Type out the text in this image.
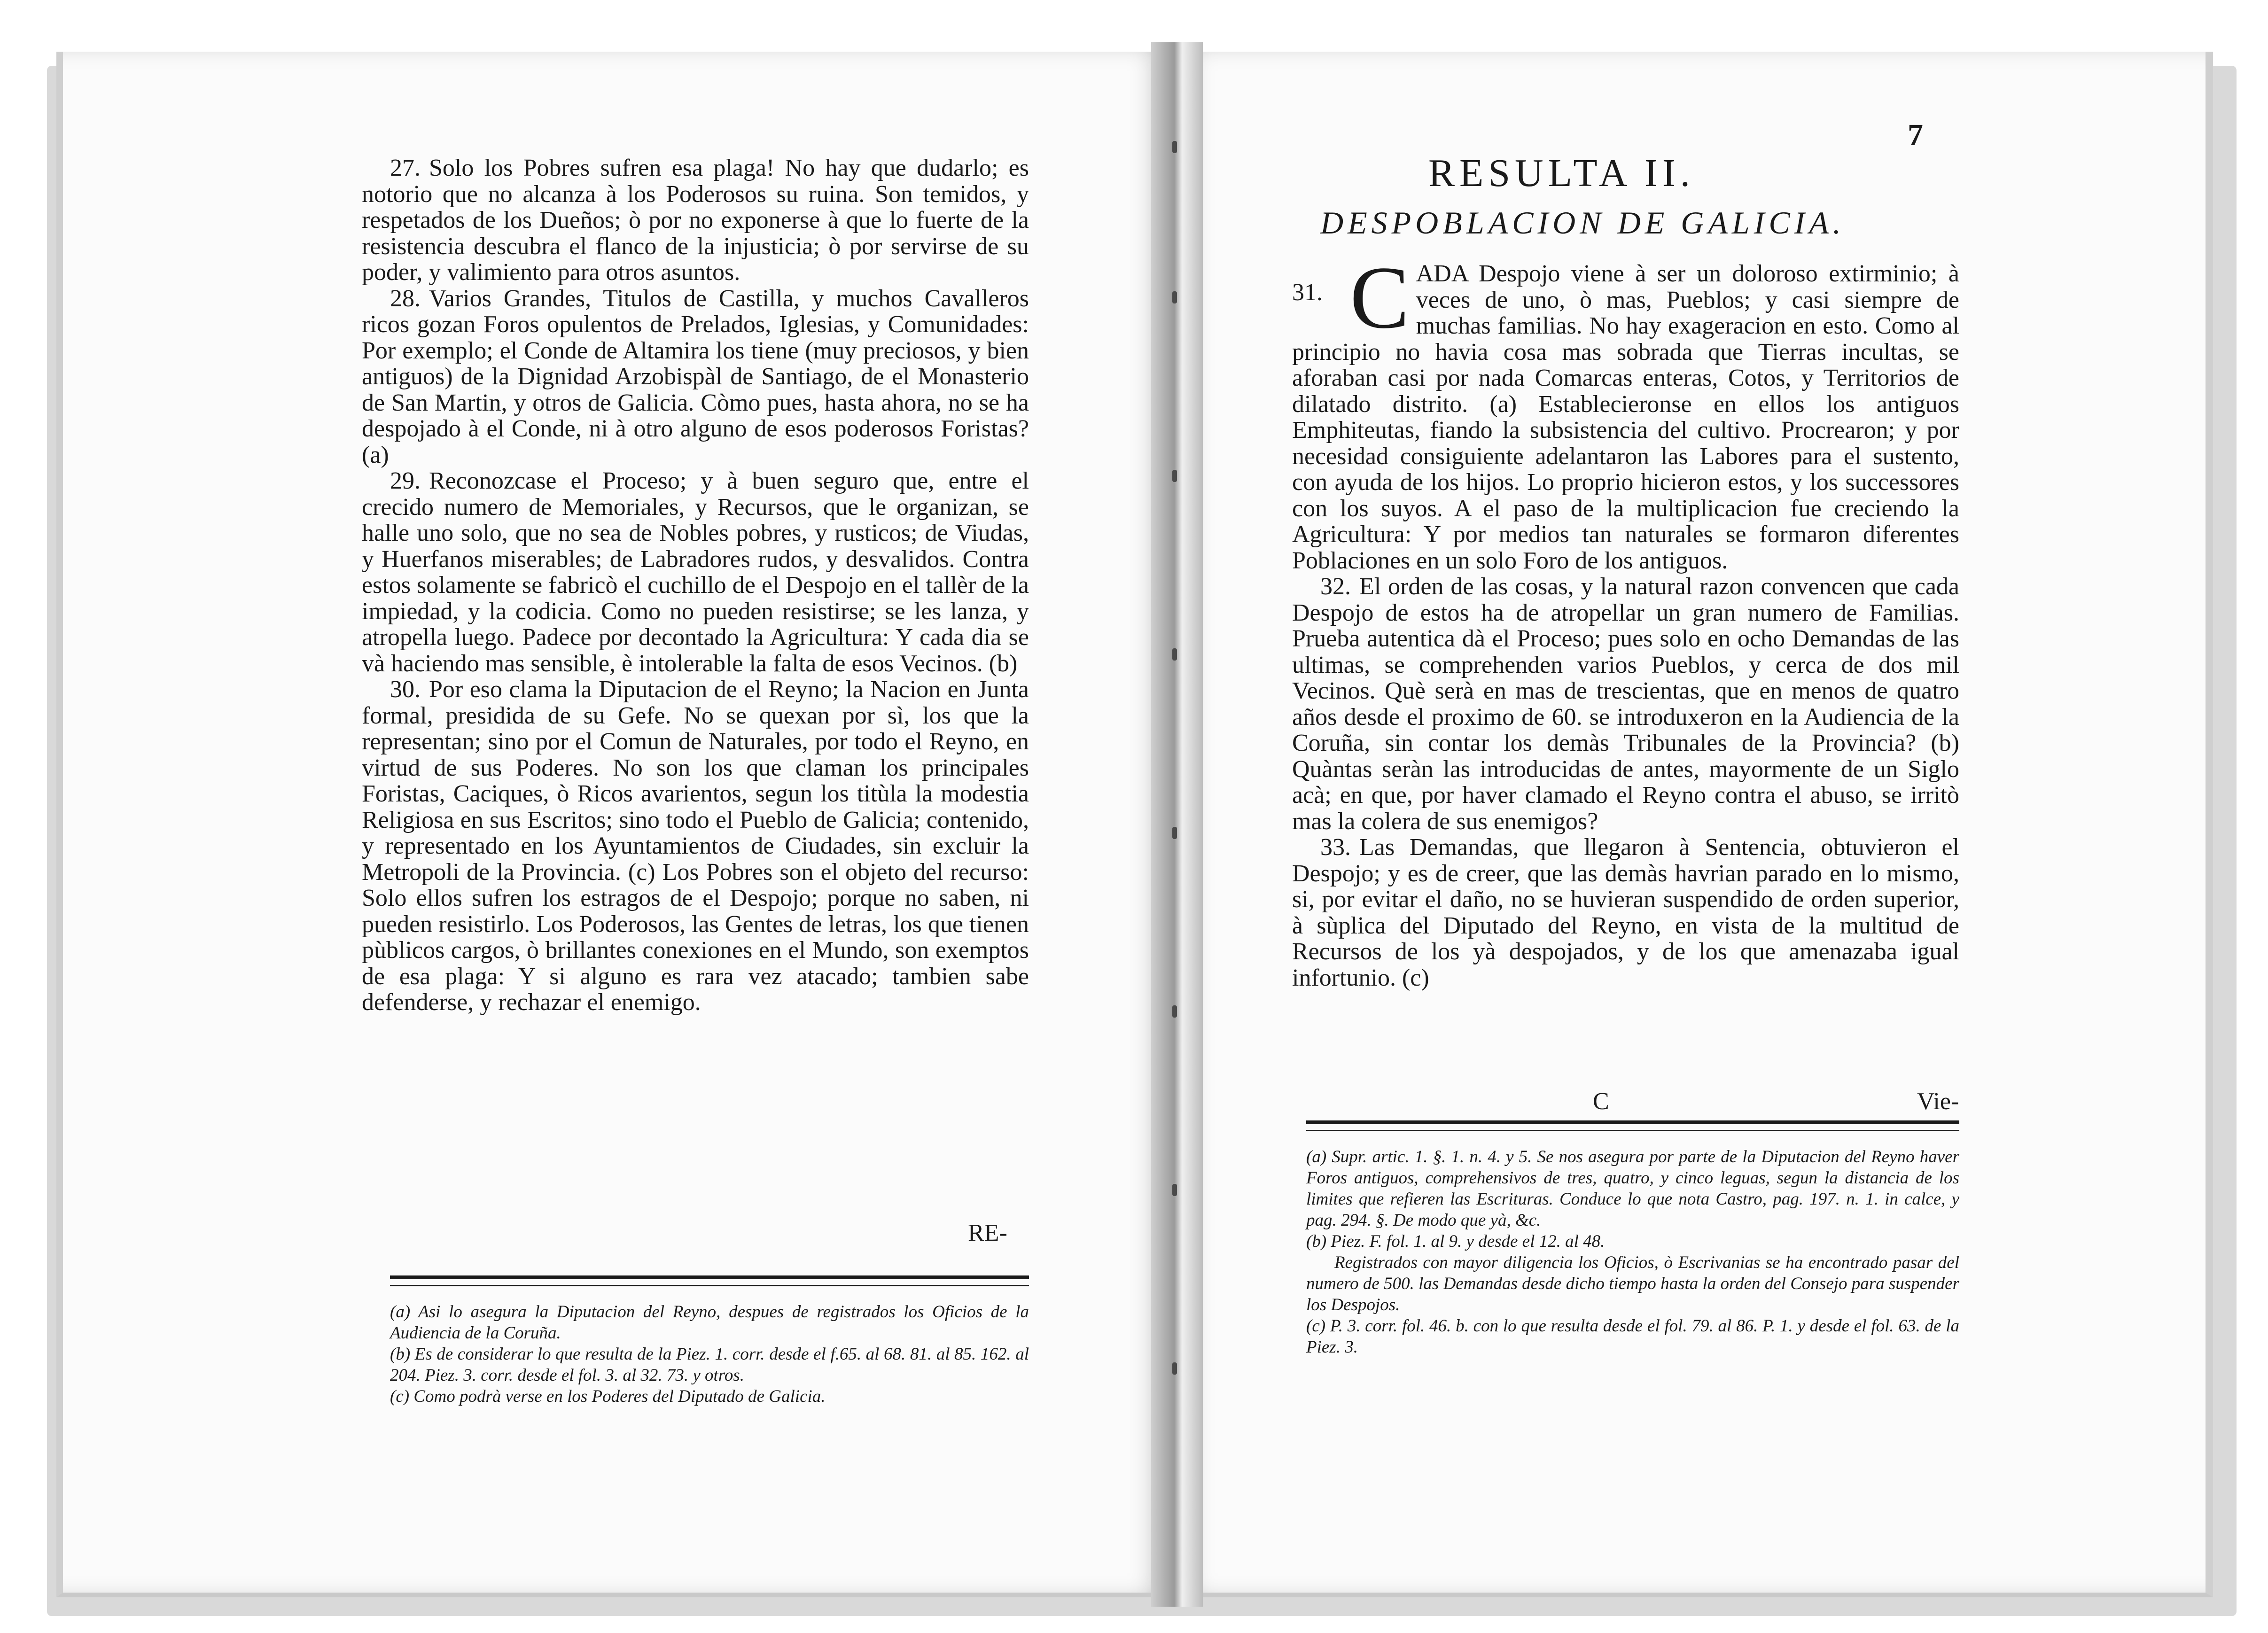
27. Solo los Pobres sufren esa plaga! No hay que dudarlo; es notorio que no alcanza à los Poderosos su ruina. Son temidos, y respetados de los Dueños; ò por no exponerse à que lo fuerte de la resistencia descubra el flanco de la injusticia; ò por servirse de su poder, y valimiento para otros asuntos.

28. Varios Grandes, Titulos de Castilla, y muchos Cavalleros ricos gozan Foros opulentos de Prelados, Iglesias, y Comunidades: Por exemplo; el Conde de Altamira los tiene (muy preciosos, y bien antiguos) de la Dignidad Arzobispàl de Santiago, de el Monasterio de San Martin, y otros de Galicia. Còmo pues, hasta ahora, no se ha despojado à el Conde, ni à otro alguno de esos poderosos Foristas? (a)

29. Reconozcase el Proceso; y à buen seguro que, entre el crecido numero de Memoriales, y Recursos, que le organizan, se halle uno solo, que no sea de Nobles pobres, y rusticos; de Viudas, y Huerfanos miserables; de Labradores rudos, y desvalidos. Contra estos solamente se fabricò el cuchillo de el Despojo en el tallèr de la impiedad, y la codicia. Como no pueden resistirse; se les lanza, y atropella luego. Padece por decontado la Agricultura: Y cada dia se và haciendo mas sensible, è intolerable la falta de esos Vecinos. (b)

30. Por eso clama la Diputacion de el Reyno; la Nacion en Junta formal, presidida de su Gefe. No se quexan por sì, los que la representan; sino por el Comun de Naturales, por todo el Reyno, en virtud de sus Poderes. No son los que claman los principales Foristas, Caciques, ò Ricos avarientos, segun los titùla la modestia Religiosa en sus Escritos; sino todo el Pueblo de Galicia; contenido, y representado en los Ayuntamientos de Ciudades, sin excluir la Metropoli de la Provincia. (c) Los Pobres son el objeto del recurso: Solo ellos sufren los estragos de el Despojo; porque no saben, ni pueden resistirlo. Los Poderosos, las Gentes de letras, los que tienen pùblicos cargos, ò brillantes conexiones en el Mundo, son exemptos de esa plaga: Y si alguno es rara vez atacado; tambien sabe defenderse, y rechazar el enemigo.

RE-

(a) Asi lo asegura la Diputacion del Reyno, despues de registrados los Oficios de la Audiencia de la Coruña.

(b) Es de considerar lo que resulta de la Piez. 1. corr. desde el f.65. al 68. 81. al 85. 162. al 204. Piez. 3. corr. desde el fol. 3. al 32. 73. y otros.

(c) Como podrà verse en los Poderes del Diputado de Galicia.

7
RESULTA II.
DESPOBLACION DE GALICIA.

31. C ADA Despojo viene à ser un doloroso extirminio; à veces de uno, ò mas, Pueblos; y casi siempre de muchas familias. No hay exageracion en esto. Como al principio no havia cosa mas sobrada que Tierras incultas, se aforaban casi por nada Comarcas enteras, Cotos, y Territorios de dilatado distrito. (a) Establecieronse en ellos los antiguos Emphiteutas, fiando la subsistencia del cultivo. Procrearon; y por necesidad consiguiente adelantaron las Labores para el sustento, con ayuda de los hijos. Lo proprio hicieron estos, y los successores con los suyos. A el paso de la multiplicacion fue creciendo la Agricultura: Y por medios tan naturales se formaron diferentes Poblaciones en un solo Foro de los antiguos.

32. El orden de las cosas, y la natural razon convencen que cada Despojo de estos ha de atropellar un gran numero de Familias. Prueba autentica dà el Proceso; pues solo en ocho Demandas de las ultimas, se comprehenden varios Pueblos, y cerca de dos mil Vecinos. Què serà en mas de trescientas, que en menos de quatro años desde el proximo de 60. se introduxeron en la Audiencia de la Coruña, sin contar los demàs Tribunales de la Provincia? (b) Quàntas seràn las introducidas de antes, mayormente de un Siglo acà; en que, por haver clamado el Reyno contra el abuso, se irritò mas la colera de sus enemigos?

33. Las Demandas, que llegaron à Sentencia, obtuvieron el Despojo; y es de creer, que las demàs havrian parado en lo mismo, si, por evitar el daño, no se huvieran suspendido de orden superior, à sùplica del Diputado del Reyno, en vista de la multitud de Recursos de los yà despojados, y de los que amenazaba igual infortunio. (c)

C	Vie-

(a) Supr. artic. 1. §. 1. n. 4. y 5. Se nos asegura por parte de la Diputacion del Reyno haver Foros antiguos, comprehensivos de tres, quatro, y cinco leguas, segun la distancia de los limites que refieren las Escrituras. Conduce lo que nota Castro, pag. 197. n. 1. in calce, y pag. 294. §. De modo que yà, &c.

(b) Piez. F. fol. 1. al 9. y desde el 12. al 48.

Registrados con mayor diligencia los Oficios, ò Escrivanias se ha encontrado pasar del numero de 500. las Demandas desde dicho tiempo hasta la orden del Consejo para suspender los Despojos.

(c) P. 3. corr. fol. 46. b. con lo que resulta desde el fol. 79. al 86. P. 1. y desde el fol. 63. de la Piez. 3.
